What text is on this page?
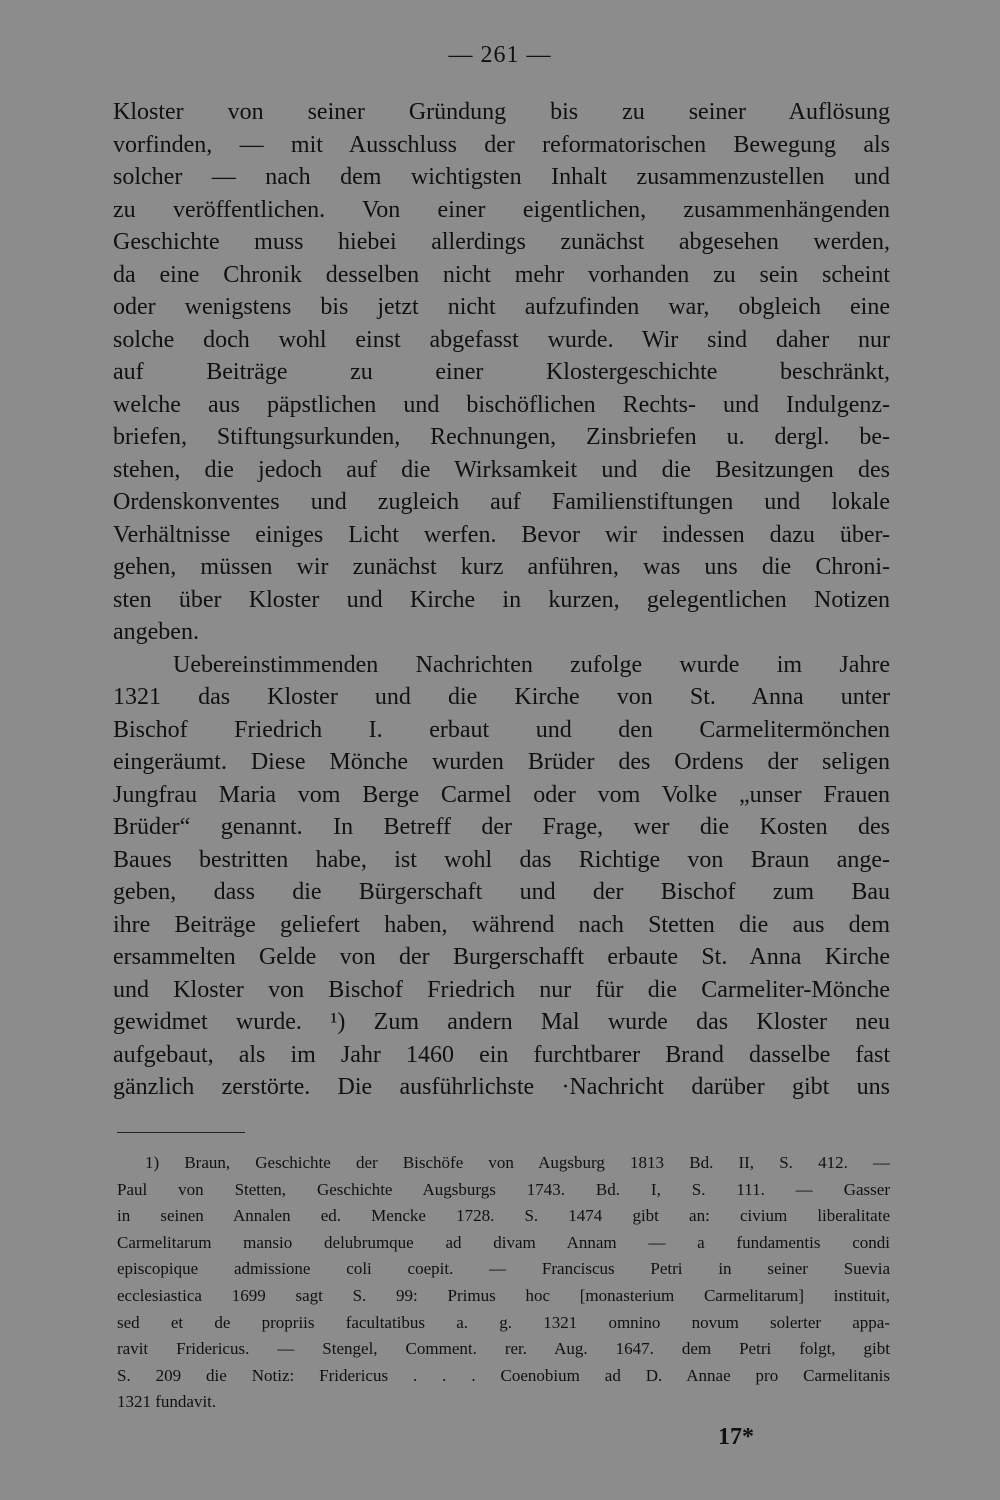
— 261 —
Kloster von seiner Gründung bis zu seiner Auflösung
vorfinden, — mit Ausschluss der reformatorischen Bewegung als
solcher — nach dem wichtigsten Inhalt zusammenzustellen und
zu veröffentlichen. Von einer eigentlichen, zusammenhängenden
Geschichte muss hiebei allerdings zunächst abgesehen werden,
da eine Chronik desselben nicht mehr vorhanden zu sein scheint
oder wenigstens bis jetzt nicht aufzufinden war, obgleich eine
solche doch wohl einst abgefasst wurde. Wir sind daher nur
auf Beiträge zu einer Klostergeschichte beschränkt,
welche aus päpstlichen und bischöflichen Rechts- und Indulgenz-
briefen, Stiftungsurkunden, Rechnungen, Zinsbriefen u. dergl. be-
stehen, die jedoch auf die Wirksamkeit und die Besitzungen des
Ordenskonventes und zugleich auf Familienstiftungen und lokale
Verhältnisse einiges Licht werfen. Bevor wir indessen dazu über-
gehen, müssen wir zunächst kurz anführen, was uns die Chroni-
sten über Kloster und Kirche in kurzen, gelegentlichen Notizen
angeben.
Uebereinstimmenden Nachrichten zufolge wurde im Jahre
1321 das Kloster und die Kirche von St. Anna unter
Bischof Friedrich I. erbaut und den Carmelitermönchen
eingeräumt. Diese Mönche wurden Brüder des Ordens der seligen
Jungfrau Maria vom Berge Carmel oder vom Volke „unser Frauen
Brüder“ genannt. In Betreff der Frage, wer die Kosten des
Baues bestritten habe, ist wohl das Richtige von Braun ange-
geben, dass die Bürgerschaft und der Bischof zum Bau
ihre Beiträge geliefert haben, während nach Stetten die aus dem
ersammelten Gelde von der Burgerschafft erbaute St. Anna Kirche
und Kloster von Bischof Friedrich nur für die Carmeliter-Mönche
gewidmet wurde. ¹) Zum andern Mal wurde das Kloster neu
aufgebaut, als im Jahr 1460 ein furchtbarer Brand dasselbe fast
gänzlich zerstörte. Die ausführlichste ·Nachricht darüber gibt uns
1) Braun, Geschichte der Bischöfe von Augsburg 1813 Bd. II, S. 412. —
Paul von Stetten, Geschichte Augsburgs 1743. Bd. I, S. 111. — Gasser
in seinen Annalen ed. Mencke 1728. S. 1474 gibt an: civium liberalitate
Carmelitarum mansio delubrumque ad divam Annam — a fundamentis condi
episcopique admissione coli coepit. — Franciscus Petri in seiner Suevia
ecclesiastica 1699 sagt S. 99: Primus hoc [monasterium Carmelitarum] instituit,
sed et de propriis facultatibus a. g. 1321 omnino novum solerter appa-
ravit Fridericus. — Stengel, Comment. rer. Aug. 1647. dem Petri folgt, gibt
S. 209 die Notiz: Fridericus . . . Coenobium ad D. Annae pro Carmelitanis
1321 fundavit.
17*
